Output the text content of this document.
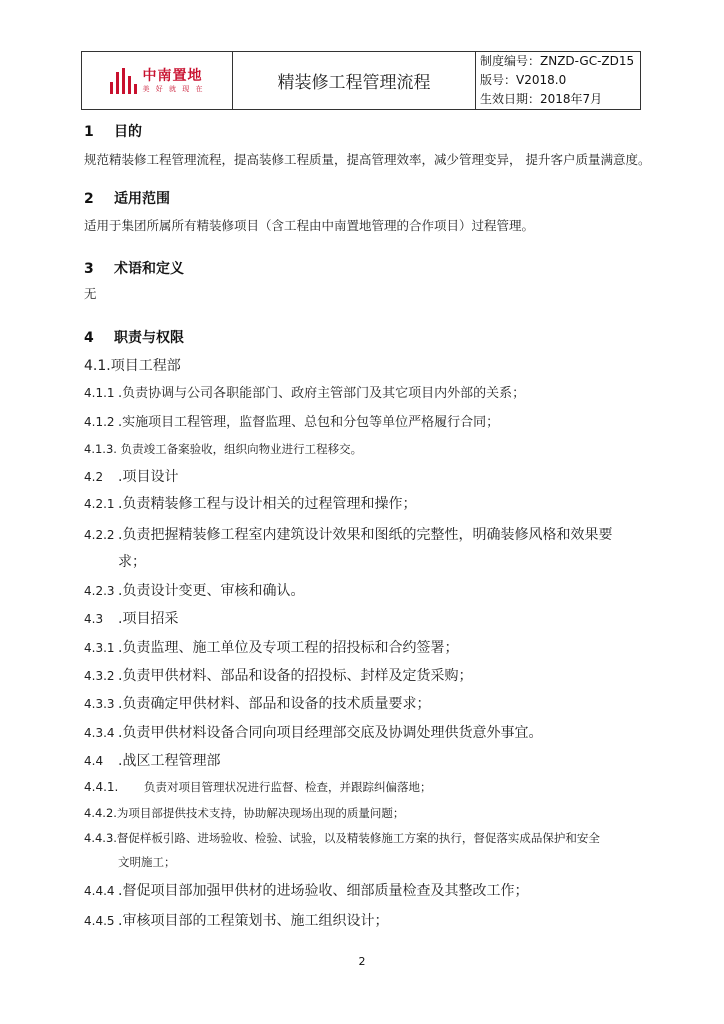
中南置地
美 好 就 现 在	精装修工程管理流程	
制度编号：ZNZD-GC-ZD15
版号：V2018.0
生效日期：2018年7月
1 目的
规范精装修工程管理流程，提高装修工程质量，提高管理效率，减少管理变异， 提升客户质量满意度。
2 适用范围
适用于集团所属所有精装修项目（含工程由中南置地管理的合作项目）过程管理。
3 术语和定义
无
4 职责与权限
4.1.项目工程部
4.1.1 .负责协调与公司各职能部门、政府主管部门及其它项目内外部的关系；
4.1.2 .实施项目工程管理，监督监理、总包和分包等单位严格履行合同；
4.1.3. 负责竣工备案验收，组织向物业进行工程移交。
4.2 .项目设计
4.2.1 .负责精装修工程与设计相关的过程管理和操作；
4.2.2 .负责把握精装修工程室内建筑设计效果和图纸的完整性，明确装修风格和效果要
求；
4.2.3 .负责设计变更、审核和确认。
4.3 .项目招采
4.3.1 .负责监理、施工单位及专项工程的招投标和合约签署；
4.3.2 .负责甲供材料、部品和设备的招投标、封样及定货采购；
4.3.3 .负责确定甲供材料、部品和设备的技术质量要求；
4.3.4 .负责甲供材料设备合同向项目经理部交底及协调处理供货意外事宜。
4.4 .战区工程管理部
4.4.1. 负责对项目管理状况进行监督、检查，并跟踪纠偏落地；
4.4.2.为项目部提供技术支持，协助解决现场出现的质量问题；
4.4.3.督促样板引路、进场验收、检验、试验，以及精装修施工方案的执行，督促落实成品保护和安全
文明施工；
4.4.4 .督促项目部加强甲供材的进场验收、细部质量检查及其整改工作；
4.4.5 .审核项目部的工程策划书、施工组织设计；
2
